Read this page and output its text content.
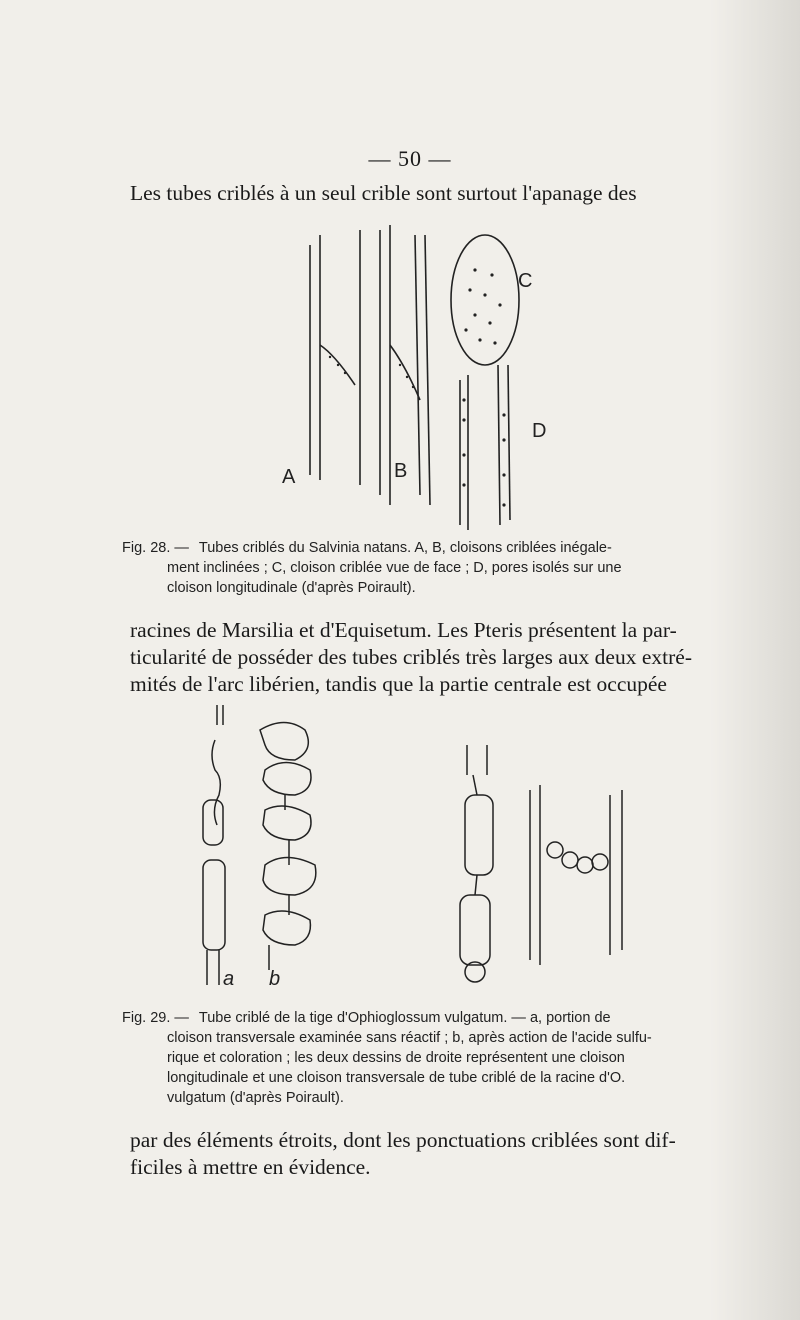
— 50 —
Les tubes criblés à un seul crible sont surtout l'apanage des
A	B
C
D
Fig. 28. — Tubes criblés du Salvinia natans. A, B, cloisons criblées inégale-
ment inclinées ; C, cloison criblée vue de face ; D, pores isolés sur une
cloison longitudinale (d'après Poirault).
racines de Marsilia et d'Equisetum. Les Pteris présentent la par-
ticularité de posséder des tubes criblés très larges aux deux extré-
mités de l'arc libérien, tandis que la partie centrale est occupée
a b
Fig. 29. — Tube criblé de la tige d'Ophioglossum vulgatum. — a, portion de
cloison transversale examinée sans réactif ; b, après action de l'acide sulfu-
rique et coloration ; les deux dessins de droite représentent une cloison
longitudinale et une cloison transversale de tube criblé de la racine d'O.
vulgatum (d'après Poirault).
par des éléments étroits, dont les ponctuations criblées sont dif-
ficiles à mettre en évidence.
